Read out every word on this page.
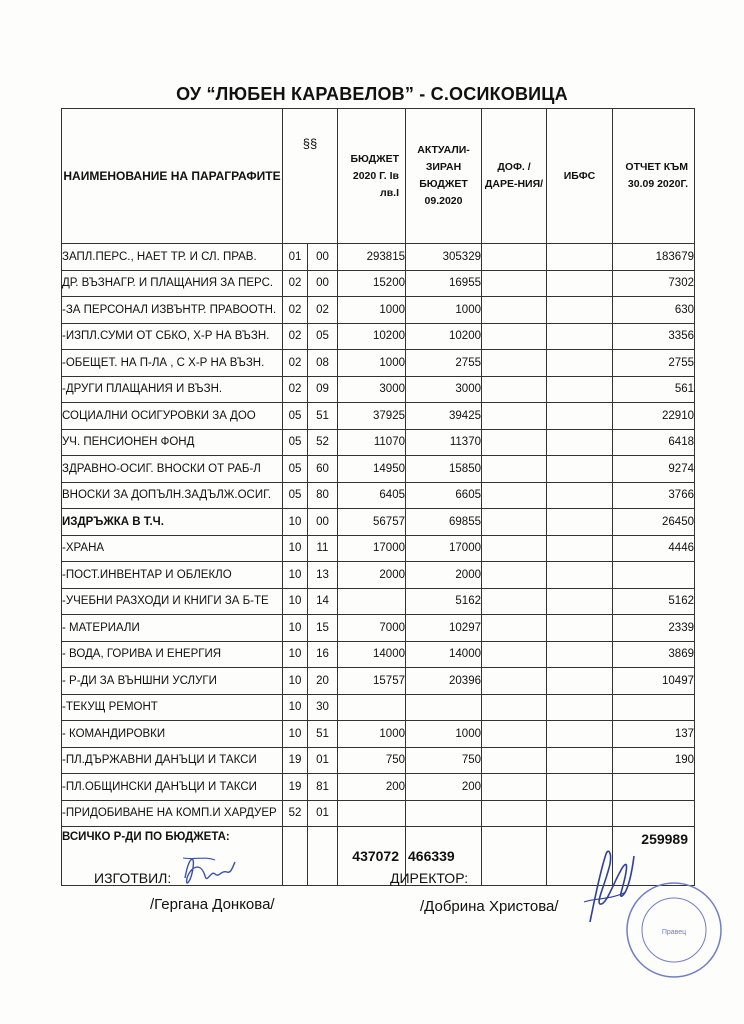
ОУ “ЛЮБЕН КАРАВЕЛОВ” - С.ОСИКОВИЦА
НАИМЕНОВАНИЕ НА ПАРАГРАФИТЕ	§§		БЮДЖЕТ 2020 Г. Iв лв.I	АКТУАЛИ-ЗИРАН БЮДЖЕТ 09.2020	ДОФ. /ДАРЕ-НИЯ/	ИБФС	ОТЧЕТ КЪМ 30.09 2020Г.
ЗАПЛ.ПЕРС., НАЕТ ТР. И СЛ. ПРАВ.	01	00	293815	305329			183679
ДР. ВЪЗНАГР. И ПЛАЩАНИЯ ЗА ПЕРС.	02	00	15200	16955			7302
-ЗА ПЕРСОНАЛ ИЗВЪНТР. ПРАВООТН.	02	02	1000	1000			630
-ИЗПЛ.СУМИ ОТ СБКО, Х-Р НА ВЪЗН.	02	05	10200	10200			3356
-ОБЕЩЕТ. НА П-ЛА , С Х-Р НА ВЪЗН.	02	08	1000	2755			2755
-ДРУГИ ПЛАЩАНИЯ И ВЪЗН.	02	09	3000	3000			561
СОЦИАЛНИ ОСИГУРОВКИ ЗА ДОО	05	51	37925	39425			22910
УЧ. ПЕНСИОНЕН ФОНД	05	52	11070	11370			6418
ЗДРАВНО-ОСИГ. ВНОСКИ ОТ РАБ-Л	05	60	14950	15850			9274
ВНОСКИ ЗА ДОПЪЛН.ЗАДЪЛЖ.ОСИГ.	05	80	6405	6605			3766
ИЗДРЪЖКА В Т.Ч.	10	00	56757	69855			26450
-ХРАНА	10	11	17000	17000			4446
-ПОСТ.ИНВЕНТАР И ОБЛЕКЛО	10	13	2000	2000			
-УЧЕБНИ РАЗХОДИ И КНИГИ ЗА Б-ТЕ	10	14		5162			5162
- МАТЕРИАЛИ	10	15	7000	10297			2339
- ВОДА, ГОРИВА И ЕНЕРГИЯ	10	16	14000	14000			3869
- Р-ДИ ЗА ВЪНШНИ УСЛУГИ	10	20	15757	20396			10497
-ТЕКУЩ РЕМОНТ	10	30					
- КОМАНДИРОВКИ	10	51	1000	1000			137
-ПЛ.ДЪРЖАВНИ ДАНЪЦИ И ТАКСИ	19	01	750	750			190
-ПЛ.ОБЩИНСКИ ДАНЪЦИ И ТАКСИ	19	81	200	200			
-ПРИДОБИВАНЕ НА КОМП.И ХАРДУЕР	52	01					
ВСИЧКО Р-ДИ ПО БЮДЖЕТА:			437072	466339			259989
ИЗГОТВИЛ:
/Гергана Донкова/
ДИРЕКТОР:
/Добрина Христова/
Правец
